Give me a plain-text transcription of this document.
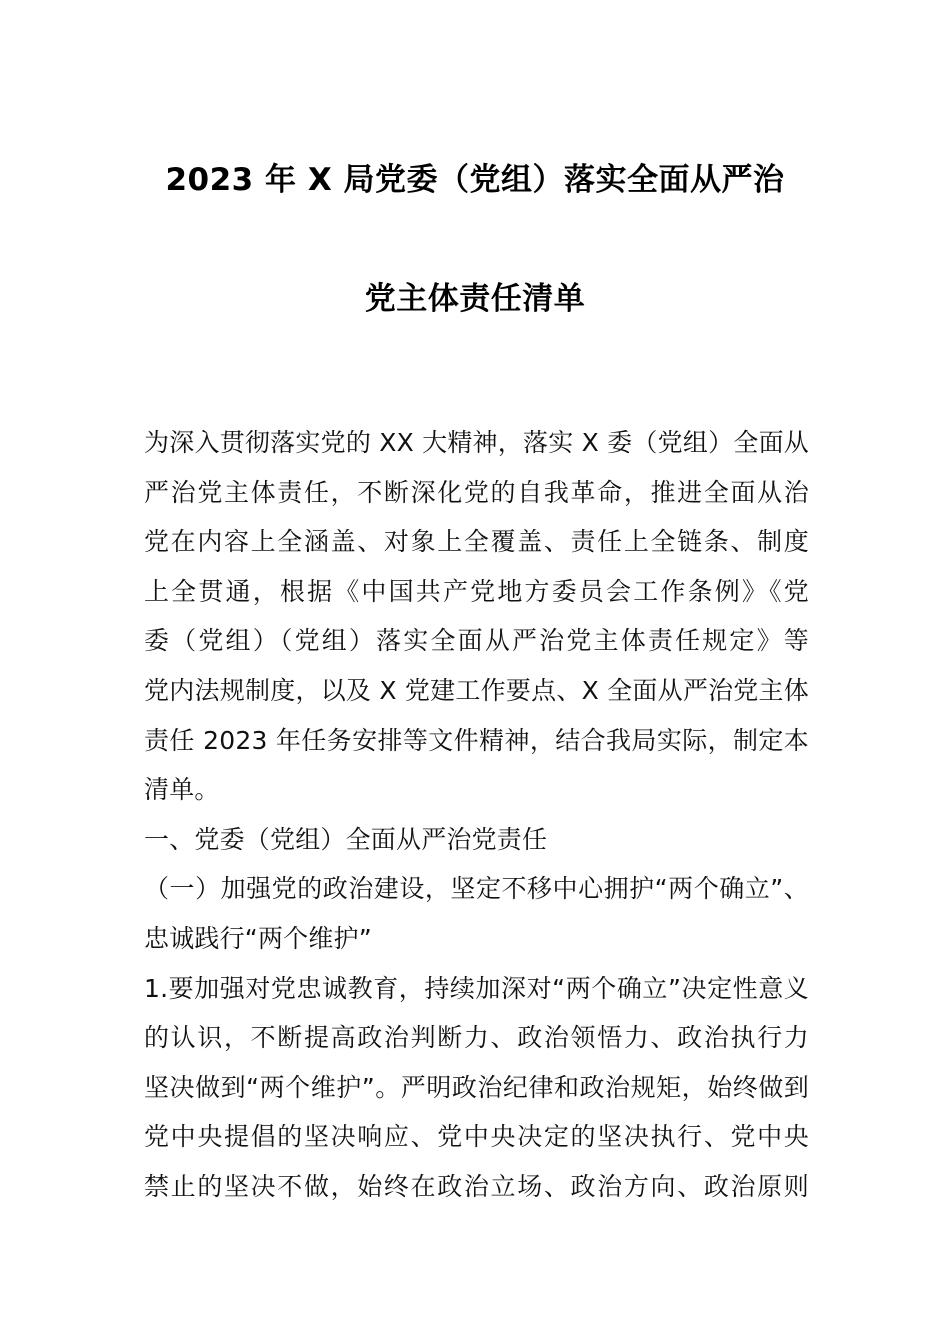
2023 年 X 局党委（党组）落实全面从严治
党主体责任清单
为深入贯彻落实党的 XX 大精神，落实 X 委（党组）全面从
严治党主体责任，不断深化党的自我革命，推进全面从治
党在内容上全涵盖、对象上全覆盖、责任上全链条、制度
上全贯通，根据《中国共产党地方委员会工作条例》《党
委（党组）（党组）落实全面从严治党主体责任规定》等
党内法规制度，以及 X 党建工作要点、X 全面从严治党主体
责任 2023 年任务安排等文件精神，结合我局实际，制定本
清单。
一、党委（党组）全面从严治党责任
（一）加强党的政治建设，坚定不移中心拥护“两个确立”、
忠诚践行“两个维护”
1.要加强对党忠诚教育，持续加深对“两个确立”决定性意义
的认识，不断提高政治判断力、政治领悟力、政治执行力
坚决做到“两个维护”。严明政治纪律和政治规矩，始终做到
党中央提倡的坚决响应、党中央决定的坚决执行、党中央
禁止的坚决不做，始终在政治立场、政治方向、政治原则
